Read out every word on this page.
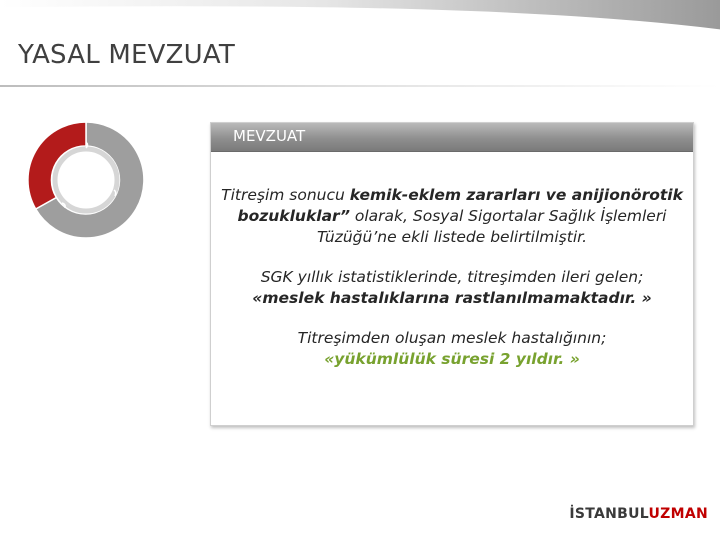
YASAL MEVZUAT
MEVZUAT

Titreşim sonucu kemik-eklem zararları ve anijionörotik
bozukluklar” olarak, Sosyal Sigortalar Sağlık İşlemleri
Tüzüğü’ne ekli listede belirtilmiştir.

SGK yıllık istatistiklerinde, titreşimden ileri gelen;
«meslek hastalıklarına rastlanılmamaktadır. »

Titreşimden oluşan meslek hastalığının;
«yükümlülük süresi 2 yıldır. »

İSTANBULUZMAN
